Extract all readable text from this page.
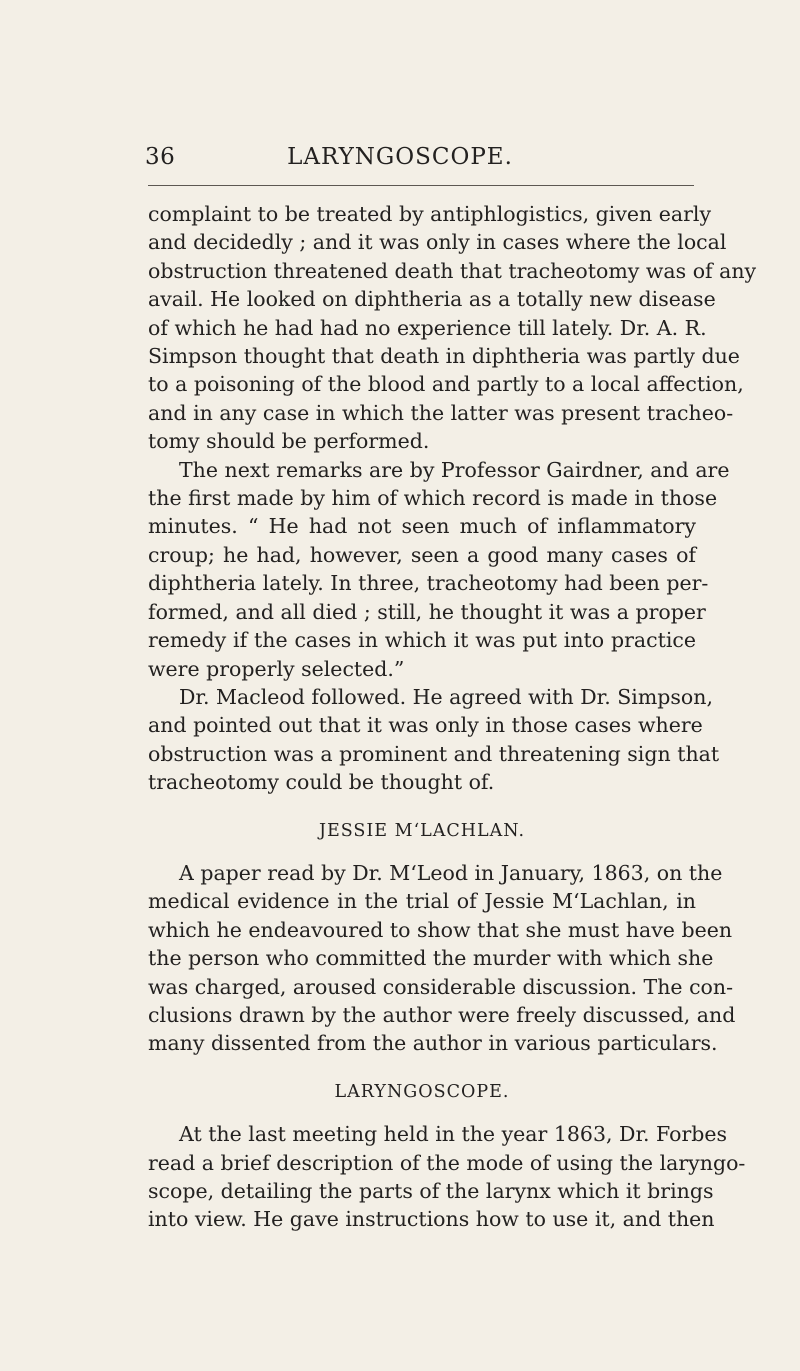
36	LARYNGOSCOPE.
complaint to be treated by antiphlogistics, given early
and decidedly ; and it was only in cases where the local
obstruction threatened death that tracheotomy was of any
avail. He looked on diphtheria as a totally new disease
of which he had had no experience till lately. Dr. A. R.
Simpson thought that death in diphtheria was partly due
to a poisoning of the blood and partly to a local affection,
and in any case in which the latter was present tracheo-
tomy should be performed.
The next remarks are by Professor Gairdner, and are
the first made by him of which record is made in those
minutes. “ He had not seen much of inflammatory
croup; he had, however, seen a good many cases of
diphtheria lately. In three, tracheotomy had been per-
formed, and all died ; still, he thought it was a proper
remedy if the cases in which it was put into practice
were properly selected.”
Dr. Macleod followed. He agreed with Dr. Simpson,
and pointed out that it was only in those cases where
obstruction was a prominent and threatening sign that
tracheotomy could be thought of.
JESSIE M‘LACHLAN.
A paper read by Dr. M‘Leod in January, 1863, on the
medical evidence in the trial of Jessie M‘Lachlan, in
which he endeavoured to show that she must have been
the person who committed the murder with which she
was charged, aroused considerable discussion. The con-
clusions drawn by the author were freely discussed, and
many dissented from the author in various particulars.
LARYNGOSCOPE.
At the last meeting held in the year 1863, Dr. Forbes
read a brief description of the mode of using the laryngo-
scope, detailing the parts of the larynx which it brings
into view. He gave instructions how to use it, and then
